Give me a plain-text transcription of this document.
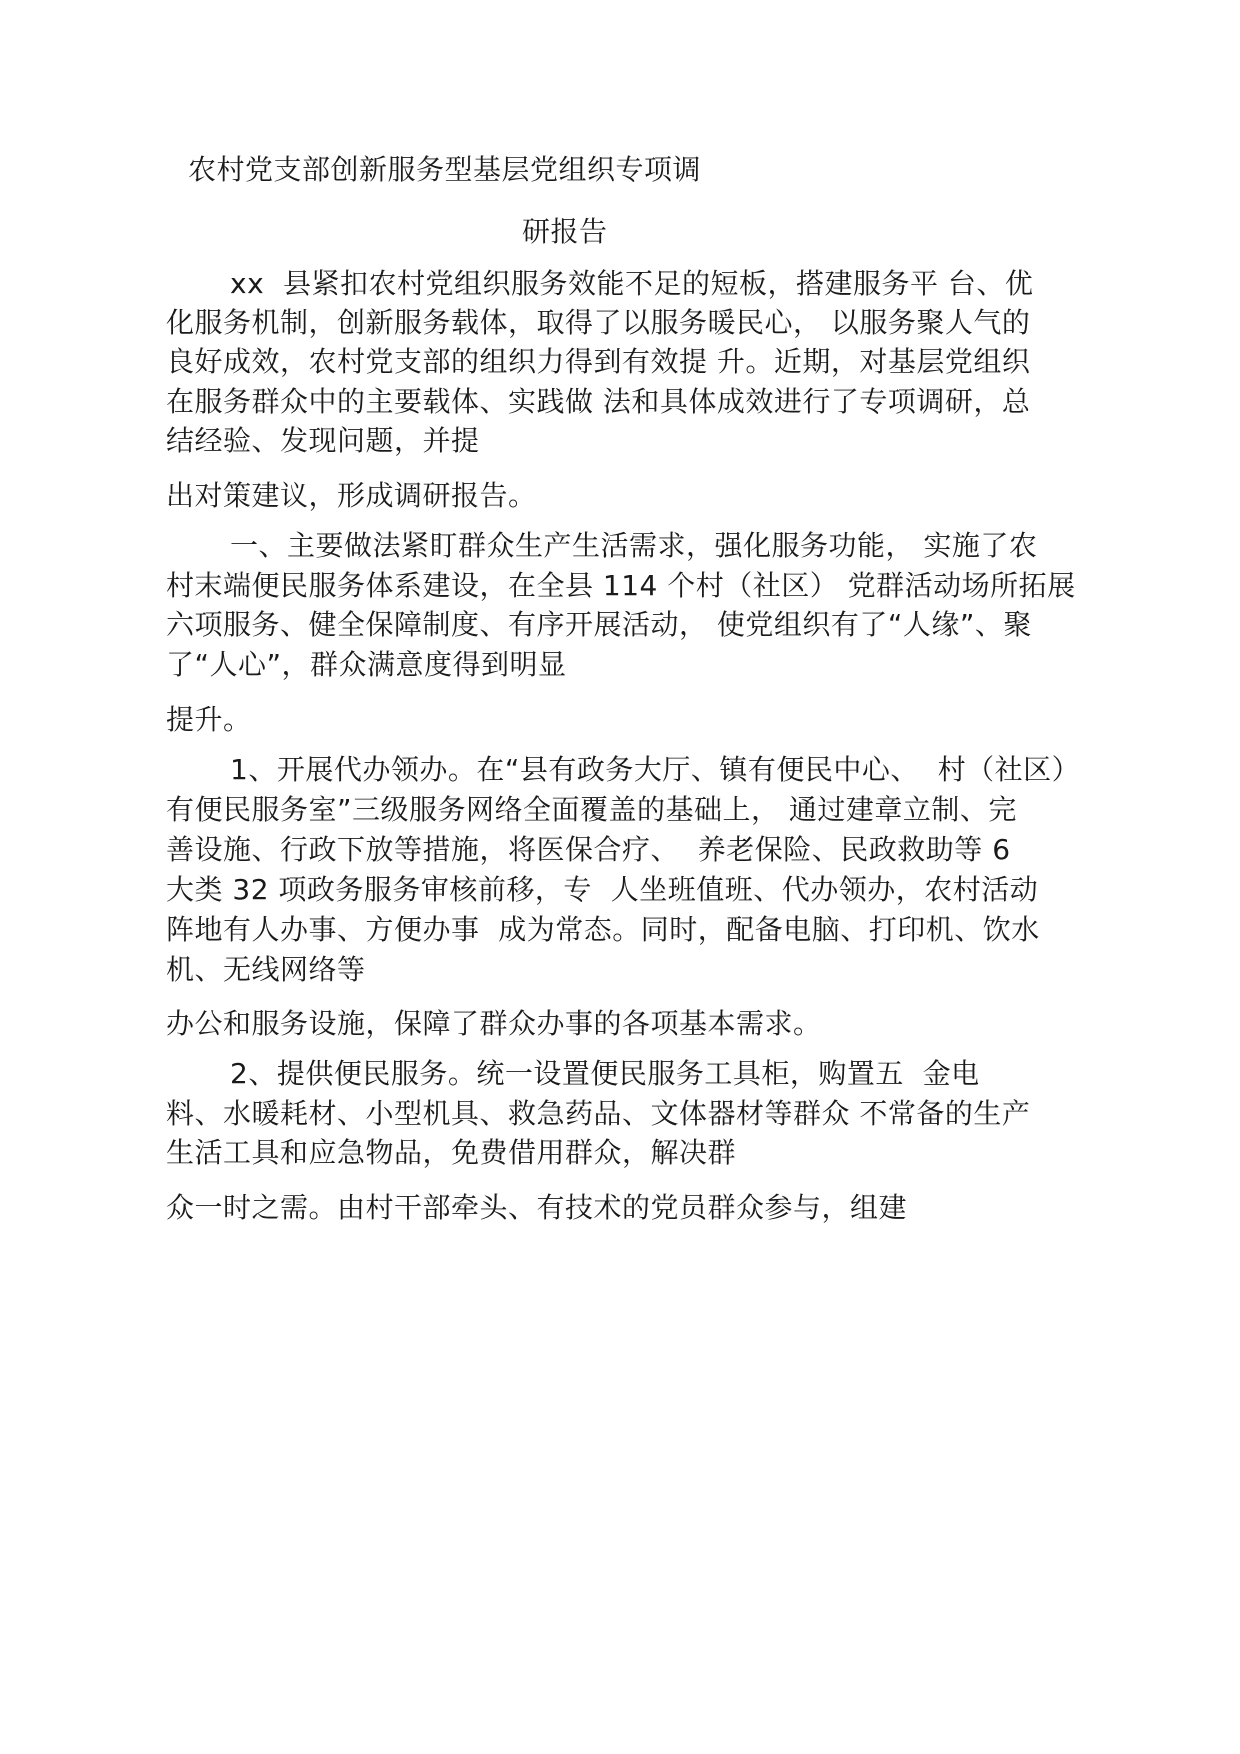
农村党支部创新服务型基层党组织专项调
研报告
xx  县紧扣农村党组织服务效能不足的短板，搭建服务平 台、优
化服务机制，创新服务载体，取得了以服务暖民心， 以服务聚人气的
良好成效，农村党支部的组织力得到有效提 升。近期，对基层党组织
在服务群众中的主要载体、实践做 法和具体成效进行了专项调研，总
结经验、发现问题，并提
出对策建议，形成调研报告。
一、主要做法紧盯群众生产生活需求，强化服务功能， 实施了农
村末端便民服务体系建设，在全县 114 个村（社区） 党群活动场所拓展
六项服务、健全保障制度、有序开展活动， 使党组织有了“人缘”、聚
了“人心”，群众满意度得到明显
提升。
1、开展代办领办。在“县有政务大厅、镇有便民中心、  村（社区）
有便民服务室”三级服务网络全面覆盖的基础上， 通过建章立制、完
善设施、行政下放等措施，将医保合疗、  养老保险、民政救助等 6
大类 32 项政务服务审核前移，专  人坐班值班、代办领办，农村活动
阵地有人办事、方便办事  成为常态。同时，配备电脑、打印机、饮水
机、无线网络等
办公和服务设施，保障了群众办事的各项基本需求。
2、提供便民服务。统一设置便民服务工具柜，购置五  金电
料、水暖耗材、小型机具、救急药品、文体器材等群众 不常备的生产
生活工具和应急物品，免费借用群众，解决群
众一时之需。由村干部牵头、有技术的党员群众参与，组建
